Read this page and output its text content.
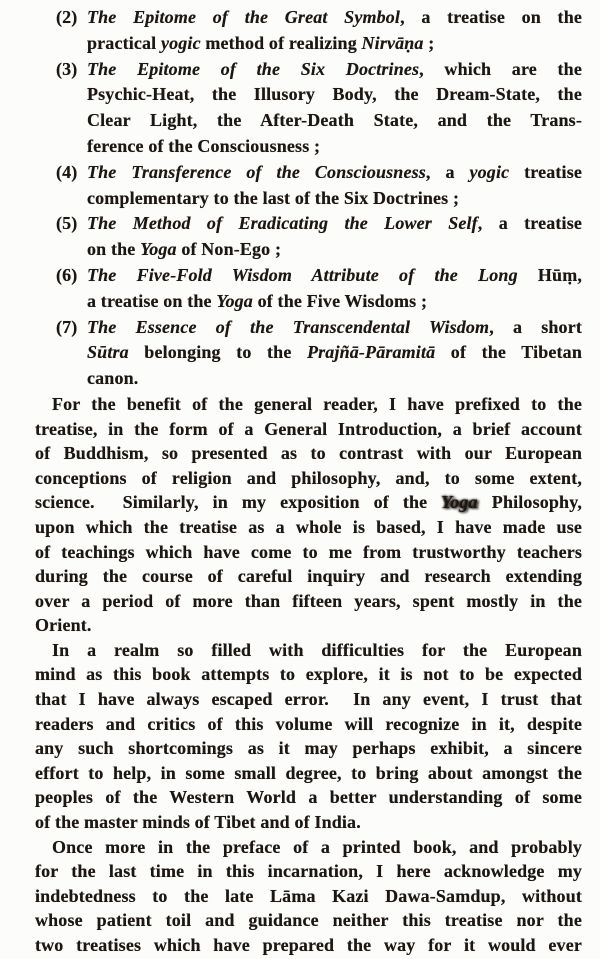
(2) The Epitome of the Great Symbol, a treatise on the
practical yogic method of realizing Nirvāṇa ;
(3) The Epitome of the Six Doctrines, which are the
Psychic-Heat, the Illusory Body, the Dream-State, the
Clear Light, the After-Death State, and the Trans-
ference of the Consciousness ;
(4) The Transference of the Consciousness, a yogic treatise
complementary to the last of the Six Doctrines ;
(5) The Method of Eradicating the Lower Self, a treatise
on the Yoga of Non-Ego ;
(6) The Five-Fold Wisdom Attribute of the Long Hūṃ,
a treatise on the Yoga of the Five Wisdoms ;
(7) The Essence of the Transcendental Wisdom, a short
Sūtra belonging to the Prajñā-Pāramitā of the Tibetan
canon.
For the benefit of the general reader, I have prefixed to the
treatise, in the form of a General Introduction, a brief account
of Buddhism, so presented as to contrast with our European
conceptions of religion and philosophy, and, to some extent,
science.  Similarly, in my exposition of the Yoga Philosophy,
upon which the treatise as a whole is based, I have made use
of teachings which have come to me from trustworthy teachers
during the course of careful inquiry and research extending
over a period of more than fifteen years, spent mostly in the
Orient.
In a realm so filled with difficulties for the European
mind as this book attempts to explore, it is not to be expected
that I have always escaped error.  In any event, I trust that
readers and critics of this volume will recognize in it, despite
any such shortcomings as it may perhaps exhibit, a sincere
effort to help, in some small degree, to bring about amongst the
peoples of the Western World a better understanding of some
of the master minds of Tibet and of India.
Once more in the preface of a printed book, and probably
for the last time in this incarnation, I here acknowledge my
indebtedness to the late Lāma Kazi Dawa-Samdup, without
whose patient toil and guidance neither this treatise nor the
two treatises which have prepared the way for it would ever
